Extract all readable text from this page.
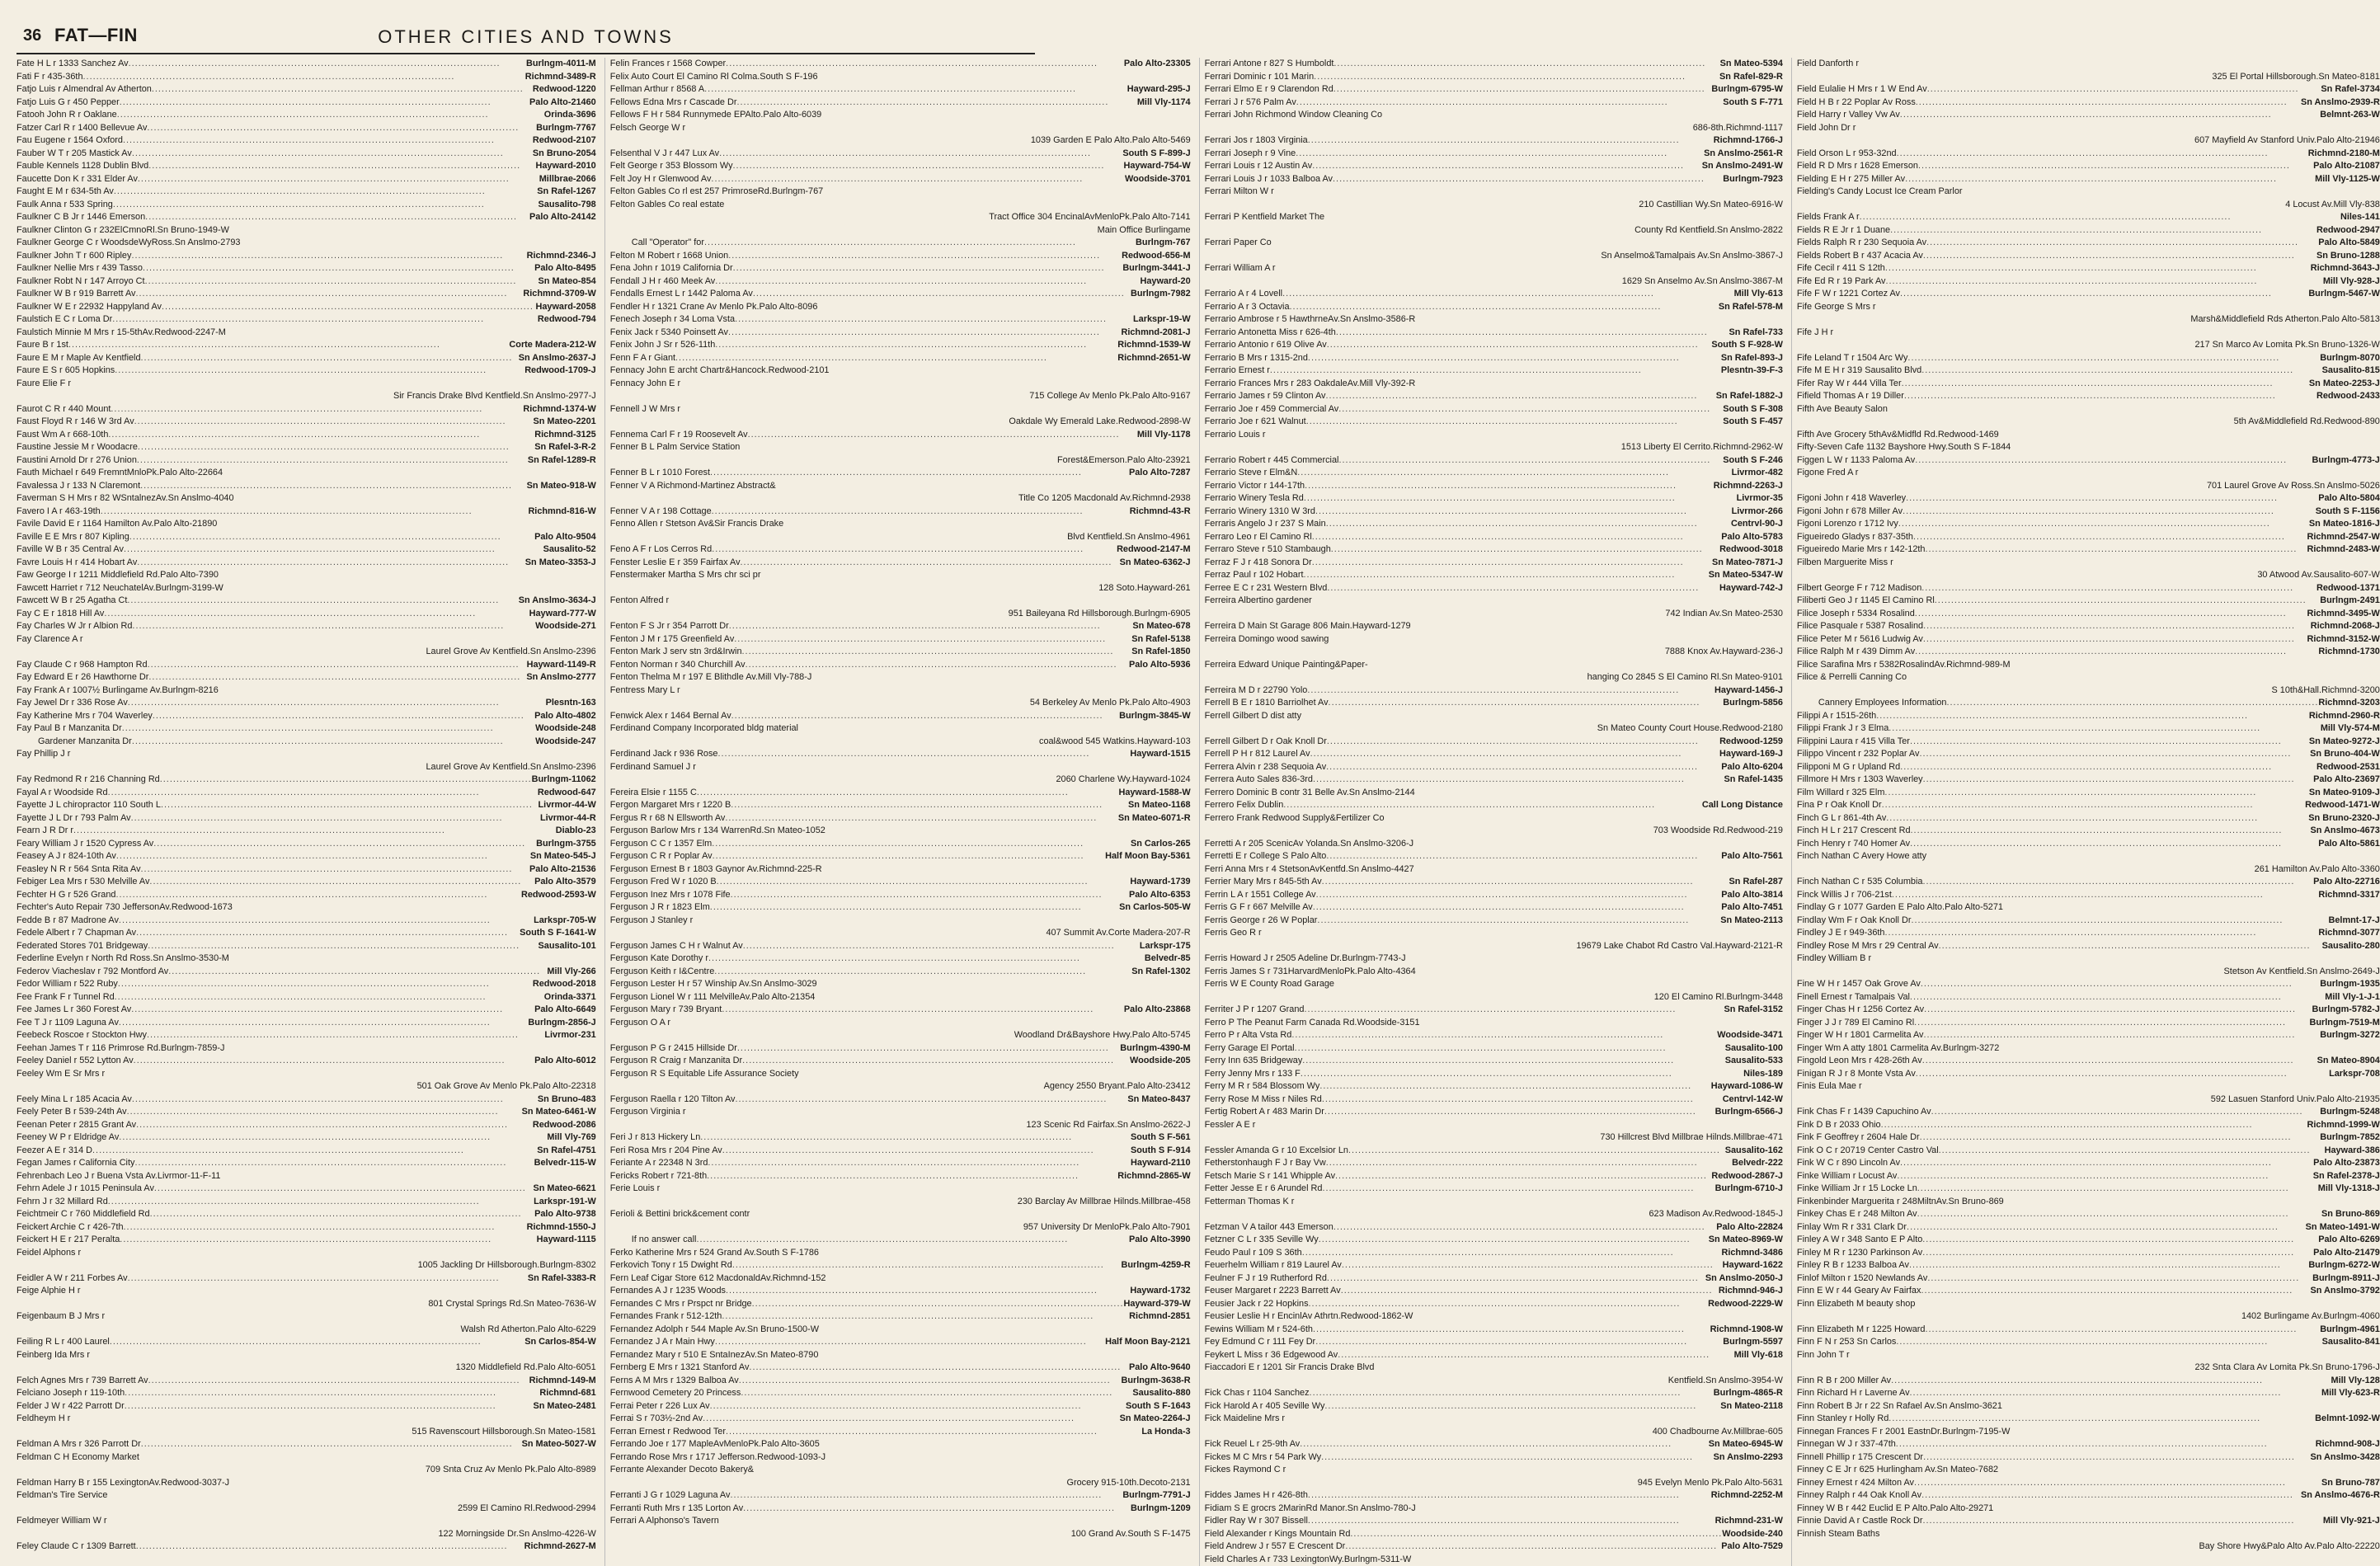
36 FAT—FIN	OTHER CITIES AND TOWNS
Fate H L r 1333 Sanchez Av .....	Burlngm-4011-M
Fati F r 435-36th .....	Richmnd-3489-R
Fatjo Luis r Almendral Av Atherton .....	Redwood-1220
Fatjo Luis G r 450 Pepper .....	Palo Alto-21460
Fatooh John R r Oaklane .....	Orinda-3696
Fatzer Carl R r 1400 Bellevue Av .....	Burlngm-7767
Fau Eugene r 1564 Oxford .....	Redwood-2107
Fauber W T r 205 Mastick Av .....	Sn Bruno-2054
Fauble Kennels 1128 Dublin Blvd .....	Hayward-2010
Faucette Don K r 331 Elder Av .....	Millbrae-2066
Faught E M r 634-5th Av .....	Sn Rafel-1267
Faulk Anna r 533 Spring .....	Sausalito-798
Faulkner C B Jr r 1446 Emerson .....	Palo Alto-24142
Faulkner Clinton G r 232ElCmnoRl.Sn Bruno-1949-W
Faulkner George C r WoodsdeWyRoss.Sn Anslmo-2793
Faulkner John T r 600 Ripley .....	Richmnd-2346-J
Faulkner Nellie Mrs r 439 Tasso .....	Palo Alto-8495
Faulkner Robt N r 147 Arroyo Ct .....	Sn Mateo-854
Faulkner W B r 919 Barrett Av .....	Richmnd-3709-W
Faulkner W E r 22932 Happyland Av .....	Hayward-2058
Faulstich E C r Loma Dr .....	Redwood-794
Faulstich Minnie M Mrs r 15-5thAv.Redwood-2247-M
Faure B r 1st .....	Corte Madera-212-W
Faure E M r Maple Av Kentfield .....	Sn Anslmo-2637-J
Faure E S r 605 Hopkins .....	Redwood-1709-J
Faure Elie F r
Sir Francis Drake Blvd Kentfield.Sn Anslmo-2977-J
Faurot C R r 440 Mount .....	Richmnd-1374-W
Faust Floyd R r 146 W 3rd Av .....	Sn Mateo-2201
Faust Wm A r 668-10th .....	Richmnd-3125
Faustine Jessie M r Woodacre .....	Sn Rafel-3-R-2
Faustini Arnold Dr r 276 Union .....	Sn Rafel-1289-R
Fauth Michael r 649 FremntMnloPk.Palo Alto-22664
Favalessa J r 133 N Claremont .....	Sn Mateo-918-W
Faverman S H Mrs r 82 WSntalnezAv.Sn Anslmo-4040
Favero I A r 463-19th .....	Richmnd-816-W
Favile David E r 1164 Hamilton Av.Palo Alto-21890
Faville E E Mrs r 807 Kipling .....	Palo Alto-9504
Faville W B r 35 Central Av .....	Sausalito-52
Favre Louis H r 414 Hobart Av .....	Sn Mateo-3353-J
Faw George I r 1211 Middlefield Rd.Palo Alto-7390
Fawcett Harriet r 712 NeuchatelAv.Burlngm-3199-W
Fawcett W B r 25 Agatha Ct .....	Sn Anslmo-3634-J
Fay C E r 1818 Hill Av .....	Hayward-777-W
Fay Charles W Jr r Albion Rd .....	Woodside-271
Fay Clarence A r
Laurel Grove Av Kentfield.Sn Anslmo-2396
Fay Claude C r 968 Hampton Rd .....	Hayward-1149-R
Fay Edward E r 26 Hawthorne Dr .....	Sn Anslmo-2777
Fay Frank A r 1007½ Burlingame Av.Burlngm-8216
Fay Jewel Dr r 336 Rose Av .....	Plesntn-163
Fay Katherine Mrs r 704 Waverley .....	Palo Alto-4802
Fay Paul B r Manzanita Dr .....	Woodside-248
Gardener Manzanita Dr .....	Woodside-247
Fay Phillip J r
Laurel Grove Av Kentfield.Sn Anslmo-2396
Fay Redmond R r 216 Channing Rd .....	Burlngm-11062
Fayal A r Woodside Rd .....	Redwood-647
Fayette J L chiropractor 110 South L .....	Livrmor-44-W
Fayette J L Dr r 793 Palm Av .....	Livrmor-44-R
Fearn J R Dr r .....	Diablo-23
Feary William J r 1520 Cypress Av .....	Burlngm-3755
Feasey A J r 824-10th Av .....	Sn Mateo-545-J
Feasley N R r 564 Snta Rita Av .....	Palo Alto-21536
Febiger Lea Mrs r 530 Melville Av .....	Palo Alto-3579
Fechter H G r 526 Grand .....	Redwood-2593-W
Fechter's Auto Repair 730 JeffersonAv.Redwood-1673
Fedde B r 87 Madrone Av .....	Larkspr-705-W
Fedele Albert r 7 Chapman Av .....	South S F-1641-W
Federated Stores 701 Bridgeway .....	Sausalito-101
Federline Evelyn r North Rd Ross.Sn Anslmo-3530-M
Federov Viacheslav r 792 Montford Av .....	Mill Vly-266
Fedor William r 522 Ruby .....	Redwood-2018
Fee Frank F r Tunnel Rd .....	Orinda-3371
Fee James L r 360 Forest Av .....	Palo Alto-6649
Fee T J r 1109 Laguna Av .....	Burlngm-2856-J
Feebeck Roscoe r Stockton Hwy .....	Livrmor-231
Feehan James T r 116 Primrose Rd.Burlngm-7859-J
Feeley Daniel r 552 Lytton Av .....	Palo Alto-6012
Feeley Wm E Sr Mrs r
501 Oak Grove Av Menlo Pk.Palo Alto-22318
Feely Mina L r 185 Acacia Av .....	Sn Bruno-483
Feely Peter B r 539-24th Av .....	Sn Mateo-6461-W
Feenan Peter r 2815 Grant Av .....	Redwood-2086
Feeney W P r Eldridge Av .....	Mill Vly-769
Feezer A E r 314 D .....	Sn Rafel-4751
Fegan James r California City .....	Belvedr-115-W
Fehrenbach Leo J r Buena Vsta Av.Livrmor-11-F-11
Fehrn Adele J r 1015 Peninsula Av .....	Sn Mateo-6621
Fehrn J r 32 Millard Rd .....	Larkspr-191-W
Feichtmeir C r 760 Middlefield Rd .....	Palo Alto-9738
Feickert Archie C r 426-7th .....	Richmnd-1550-J
Feickert H E r 217 Peralta .....	Hayward-1115
Feidel Alphons r
1005 Jackling Dr Hillsborough.Burlngm-8302
Feidler A W r 211 Forbes Av .....	Sn Rafel-3383-R
Feige Alphie H r
801 Crystal Springs Rd.Sn Mateo-7636-W
Feigenbaum B J Mrs r
Walsh Rd Atherton.Palo Alto-6229
Feiling R L r 400 Laurel .....	Sn Carlos-854-W
Feinberg Ida Mrs r
1320 Middlefield Rd.Palo Alto-6051
Felch Agnes Mrs r 739 Barrett Av .....	Richmnd-149-M
Felciano Joseph r 119-10th .....	Richmnd-681
Felder J W r 422 Parrott Dr .....	Sn Mateo-2481
Feldheym H r
515 Ravenscourt Hillsborough.Sn Mateo-1581
Feldman A Mrs r 326 Parrott Dr .....	Sn Mateo-5027-W
Feldman C H Economy Market
709 Snta Cruz Av Menlo Pk.Palo Alto-8989
Feldman Harry B r 155 LexingtonAv.Redwood-3037-J
Feldman's Tire Service
2599 El Camino Rl.Redwood-2994
Feldmeyer William W r
122 Morningside Dr.Sn Anslmo-4226-W
Feley Claude C r 1309 Barrett .....	Richmnd-2627-M
Felin Frances r 1568 Cowper .....	Palo Alto-23305
Felix Auto Court El Camino Rl Colma.South S F-196
Fellman Arthur r 8568 A .....	Hayward-295-J
Fellows Edna Mrs r Cascade Dr .....	Mill Vly-1174
Fellows F H r 584 Runnymede EPAlto.Palo Alto-6039
Felsch George W r
1039 Garden E Palo Alto.Palo Alto-5469
Felsenthal V J r 447 Lux Av .....	South S F-899-J
Felt George r 353 Blossom Wy .....	Hayward-754-W
Felt Joy H r Glenwood Av .....	Woodside-3701
Felton Gables Co rl est 257 PrimroseRd.Burlngm-767
Felton Gables Co real estate
Tract Office 304 EncinalAvMenloPk.Palo Alto-7141
Main Office Burlingame
Call "Operator" for .....	Burlngm-767
Felton M Robert r 1668 Union .....	Redwood-656-M
Fena John r 1019 California Dr .....	Burlngm-3441-J
Fendall J H r 460 Meek Av .....	Hayward-20
Fendalls Ernest L r 1442 Paloma Av .....	Burlngm-7982
Fendler H r 1321 Crane Av Menlo Pk.Palo Alto-8096
Fenech Joseph r 34 Loma Vsta .....	Larkspr-19-W
Fenix Jack r 5340 Poinsett Av .....	Richmnd-2081-J
Fenix John J Sr r 526-11th .....	Richmnd-1539-W
Fenn F A r Giant .....	Richmnd-2651-W
Fennacy John E archt Chartr&Hancock.Redwood-2101
Fennacy John E r
715 College Av Menlo Pk.Palo Alto-9167
Fennell J W Mrs r
Oakdale Wy Emerald Lake.Redwood-2898-W
Fennema Carl F r 19 Roosevelt Av .....	Mill Vly-1178
Fenner B L Palm Service Station
Forest&Emerson.Palo Alto-23921
Fenner B L r 1010 Forest .....	Palo Alto-7287
Fenner V A Richmond-Martinez Abstract&
Title Co 1205 Macdonald Av.Richmnd-2938
Fenner V A r 198 Cottage .....	Richmnd-43-R
Fenno Allen r Stetson Av&Sir Francis Drake
Blvd Kentfield.Sn Anslmo-4961
Feno A F r Los Cerros Rd .....	Redwood-2147-M
Fenster Leslie E r 359 Fairfax Av .....	Sn Mateo-6362-J
Fenstermaker Martha S Mrs chr sci pr
128 Soto.Hayward-261
Fenton Alfred r
951 Baileyana Rd Hillsborough.Burlngm-6905
Fenton F S Jr r 354 Parrott Dr .....	Sn Mateo-678
Fenton J M r 175 Greenfield Av .....	Sn Rafel-5138
Fenton Mark J serv stn 3rd&Irwin .....	Sn Rafel-1850
Fenton Norman r 340 Churchill Av .....	Palo Alto-5936
Fenton Thelma M r 197 E Blithdle Av.Mill Vly-788-J
Fentress Mary L r
54 Berkeley Av Menlo Pk.Palo Alto-4903
Fenwick Alex r 1464 Bernal Av .....	Burlngm-3845-W
Ferdinand Company Incorporated bldg material
coal&wood 545 Watkins.Hayward-103
Ferdinand Jack r 936 Rose .....	Hayward-1515
Ferdinand Samuel J r
2060 Charlene Wy.Hayward-1024
Fereira Elsie r 1155 C .....	Hayward-1588-W
Fergon Margaret Mrs r 1220 B .....	Sn Mateo-1168
Fergus R r 68 N Ellsworth Av .....	Sn Mateo-6071-R
Ferguson Barlow Mrs r 134 WarrenRd.Sn Mateo-1052
Ferguson C C r 1357 Elm .....	Sn Carlos-265
Ferguson C R r Poplar Av .....	Half Moon Bay-5361
Ferguson Ernest B r 1803 Gaynor Av.Richmnd-225-R
Ferguson Fred W r 1020 B .....	Hayward-1739
Ferguson Inez Mrs r 1078 Fife .....	Palo Alto-6353
Ferguson J R r 1823 Elm .....	Sn Carlos-505-W
Ferguson J Stanley r
407 Summit Av.Corte Madera-207-R
Ferguson James C H r Walnut Av .....	Larkspr-175
Ferguson Kate Dorothy r .....	Belvedr-85
Ferguson Keith r I&Centre .....	Sn Rafel-1302
Ferguson Lester H r 57 Winship Av.Sn Anslmo-3029
Ferguson Lionel W r 111 MelvilleAv.Palo Alto-21354
Ferguson Mary r 739 Bryant .....	Palo Alto-23868
Ferguson O A r
Woodland Dr&Bayshore Hwy.Palo Alto-5745
Ferguson P G r 2415 Hillside Dr .....	Burlngm-4390-M
Ferguson R Craig r Manzanita Dr .....	Woodside-205
Ferguson R S Equitable Life Assurance Society
Agency 2550 Bryant.Palo Alto-23412
Ferguson Raella r 120 Tilton Av .....	Sn Mateo-8437
Ferguson Virginia r
123 Scenic Rd Fairfax.Sn Anslmo-2622-J
Feri J r 813 Hickery Ln .....	South S F-561
Feri Rosa Mrs r 204 Pine Av .....	South S F-914
Feriante A r 22348 N 3rd .....	Hayward-2110
Fericks Robert r 721-8th .....	Richmnd-2865-W
Ferie Louis r
230 Barclay Av Millbrae Hilnds.Millbrae-458
Ferioli & Bettini brick&cement contr
957 University Dr MenloPk.Palo Alto-7901
If no answer call .....	Palo Alto-3990
Ferko Katherine Mrs r 524 Grand Av.South S F-1786
Ferkovich Tony r 15 Dwight Rd .....	Burlngm-4259-R
Fern Leaf Cigar Store 612 MacdonaldAv.Richmnd-152
Fernandes A J r 1235 Woods .....	Hayward-1732
Fernandes C Mrs r Prspct nr Bridge .....	Hayward-379-W
Fernandes Frank r 512-12th .....	Richmnd-2851
Fernandez Adolph r 544 Maple Av.Sn Bruno-1500-W
Fernandez J A r Main Hwy .....	Half Moon Bay-2121
Fernandez Mary r 510 E SntaInezAv.Sn Mateo-8790
Fernberg E Mrs r 1321 Stanford Av .....	Palo Alto-9640
Ferns A M Mrs r 1329 Balboa Av .....	Burlngm-3638-R
Fernwood Cemetery 20 Princess .....	Sausalito-880
Ferrai Peter r 226 Lux Av .....	South S F-1643
Ferrai S r 703½-2nd Av .....	Sn Mateo-2264-J
Ferran Ernest r Redwood Ter .....	La Honda-3
Ferrando Joe r 177 MapleAvMenloPk.Palo Alto-3605
Ferrando Rose Mrs r 1717 Jefferson.Redwood-1093-J
Ferrante Alexander Decoto Bakery&
Grocery 915-10th.Decoto-2131
Ferranti J G r 1029 Laguna Av .....	Burlngm-7791-J
Ferranti Ruth Mrs r 135 Lorton Av .....	Burlngm-1209
Ferrari A Alphonso's Tavern
100 Grand Av.South S F-1475
Ferrari Antone r 827 S Humboldt .....	Sn Mateo-5394
Ferrari Dominic r 101 Marin .....	Sn Rafel-829-R
Ferrari Elmo E r 9 Clarendon Rd .....	Burlngm-6795-W
Ferrari J r 576 Palm Av .....	South S F-771
Ferrari John Richmond Window Cleaning Co
686-8th.Richmnd-1117
Ferrari Jos r 1803 Virginia .....	Richmnd-1766-J
Ferrari Joseph r 9 Vine .....	Sn Anslmo-2561-R
Ferrari Louis r 12 Austin Av .....	Sn Anslmo-2491-W
Ferrari Louis J r 1033 Balboa Av .....	Burlngm-7923
Ferrari Milton W r
210 Castillian Wy.Sn Mateo-6916-W
Ferrari P Kentfield Market The
County Rd Kentfield.Sn Anslmo-2822
Ferrari Paper Co
Sn Anselmo&Tamalpais Av.Sn Anslmo-3867-J
Ferrari William A r
1629 Sn Anselmo Av.Sn Anslmo-3867-M
Ferrario A r 4 Lovell .....	Mill Vly-613
Ferrario A r 3 Octavia .....	Sn Rafel-578-M
Ferrario Ambrose r 5 HawthrneAv.Sn Anslmo-3586-R
Ferrario Antonetta Miss r 626-4th .....	Sn Rafel-733
Ferrario Antonio r 619 Olive Av .....	South S F-928-W
Ferrario B Mrs r 1315-2nd .....	Sn Rafel-893-J
Ferrario Ernest r .....	Plesntn-39-F-3
Ferrario Frances Mrs r 283 OakdaleAv.Mill Vly-392-R
Ferrario James r 59 Clinton Av .....	Sn Rafel-1882-J
Ferrario Joe r 459 Commercial Av .....	South S F-308
Ferrario Joe r 621 Walnut .....	South S F-457
Ferrario Louis r
1513 Liberty El Cerrito.Richmnd-2962-W
Ferrario Robert r 445 Commercial .....	South S F-246
Ferrario Steve r Elm&N .....	Livrmor-482
Ferrario Victor r 144-17th .....	Richmnd-2263-J
Ferrario Winery Tesla Rd .....	Livrmor-35
Ferrario Winery 1310 W 3rd .....	Livrmor-266
Ferraris Angelo J r 237 S Main .....	Centrvl-90-J
Ferraro Leo r El Camino Rl .....	Palo Alto-5783
Ferraro Steve r 510 Stambaugh .....	Redwood-3018
Ferraz F J r 418 Sonora Dr .....	Sn Mateo-7871-J
Ferraz Paul r 102 Hobart .....	Sn Mateo-5347-W
Ferree E C r 231 Western Blvd .....	Hayward-742-J
Ferreira Albertino gardener
742 Indian Av.Sn Mateo-2530
Ferreira D Main St Garage 806 Main.Hayward-1279
Ferreira Domingo wood sawing
7888 Knox Av.Hayward-236-J
Ferreira Edward Unique Painting&Paper-
hanging Co 2845 S El Camino Rl.Sn Mateo-9101
Ferreira M D r 22790 Yolo .....	Hayward-1456-J
Ferrell B E r 1810 Barriolhet Av .....	Burlngm-5856
Ferrell Gilbert D dist atty
Sn Mateo County Court House.Redwood-2180
Ferrell Gilbert D r Oak Knoll Dr .....	Redwood-1259
Ferrell P H r 812 Laurel Av .....	Hayward-169-J
Ferrera Alvin r 238 Sequoia Av .....	Palo Alto-6204
Ferrera Auto Sales 836-3rd .....	Sn Rafel-1435
Ferrero Dominic B contr 31 Belle Av.Sn Anslmo-2144
Ferrero Felix Dublin .....	Call Long Distance
Ferrero Frank Redwood Supply&Fertilizer Co
703 Woodside Rd.Redwood-219
Ferretti A r 205 ScenicAv Yolanda.Sn Anslmo-3206-J
Ferretti E r College S Palo Alto .....	Palo Alto-7561
Ferri Anna Mrs r 4 StetsonAvKentfd.Sn Anslmo-4427
Ferrier Mary Mrs r 845-5th Av .....	Sn Rafel-287
Ferrin L A r 1551 College Av .....	Palo Alto-3814
Ferris G F r 667 Melville Av .....	Palo Alto-7451
Ferris George r 26 W Poplar .....	Sn Mateo-2113
Ferris Geo R r
19679 Lake Chabot Rd Castro Val.Hayward-2121-R
Ferris Howard J r 2505 Adeline Dr.Burlngm-7743-J
Ferris James S r 731HarvardMenloPk.Palo Alto-4364
Ferris W E County Road Garage
120 El Camino Rl.Burlngm-3448
Ferriter J P r 1207 Grand .....	Sn Rafel-3152
Ferro P The Peanut Farm Canada Rd.Woodside-3151
Ferro P r Alta Vsta Rd .....	Woodside-3471
Ferry Garage El Portal .....	Sausalito-100
Ferry Inn 635 Bridgeway .....	Sausalito-533
Ferry Jenny Mrs r 133 F .....	Niles-189
Ferry M R r 584 Blossom Wy .....	Hayward-1086-W
Ferry Rose M Miss r Niles Rd .....	Centrvl-142-W
Fertig Robert A r 483 Marin Dr .....	Burlngm-6566-J
Fessler A E r
730 Hillcrest Blvd Millbrae Hilnds.Millbrae-471
Fessler Amanda G r 10 Excelsior Ln .....	Sausalito-162
Fetherstonhaugh F J r Bay Vw .....	Belvedr-222
Fetsch Marie S r 141 Whipple Av .....	Redwood-2867-J
Fetter Jesse E r 6 Arundel Rd .....	Burlngm-6710-J
Fetterman Thomas K r
623 Madison Av.Redwood-1845-J
Fetzman V A tailor 443 Emerson .....	Palo Alto-22824
Fetzner C L r 335 Seville Wy .....	Sn Mateo-8969-W
Feudo Paul r 109 S 36th .....	Richmnd-3486
Feuerhelm William r 819 Laurel Av .....	Hayward-1622
Feulner F J r 19 Rutherford Rd .....	Sn Anslmo-2050-J
Feuser Margaret r 2223 Barrett Av .....	Richmnd-946-J
Feusier Jack r 22 Hopkins .....	Redwood-2229-W
Feusier Leslie H r EncinlAv Athrtn.Redwood-1862-W
Fewins William M r 524-6th .....	Richmnd-1908-W
Fey Edmund C r 111 Fey Dr .....	Burlngm-5597
Feykert L Miss r 36 Edgewood Av .....	Mill Vly-618
Fiaccadori E r 1201 Sir Francis Drake Blvd
Kentfield.Sn Anslmo-3954-W
Fick Chas r 1104 Sanchez .....	Burlngm-4865-R
Fick Harold A r 405 Seville Wy .....	Sn Mateo-2118
Fick Maideline Mrs r
400 Chadbourne Av.Millbrae-605
Fick Reuel L r 25-9th Av .....	Sn Mateo-6945-W
Fickes M C Mrs r 54 Park Wy .....	Sn Anslmo-2293
Fickes Raymond C r
945 Evelyn Menlo Pk.Palo Alto-5631
Fiddes James H r 426-8th .....	Richmnd-2252-M
Fidiam S E grocrs 2MarinRd Manor.Sn Anslmo-780-J
Fidler Ray W r 307 Bissell .....	Richmnd-231-W
Field Alexander r Kings Mountain Rd .....	Woodside-240
Field Andrew J r 557 E Crescent Dr .....	Palo Alto-7529
Field Charles A r 733 LexingtonWy.Burlngm-5311-W
Field Danforth r
325 El Portal Hillsborough.Sn Mateo-8181
Field Eulalie H Mrs r 1 W End Av .....	Sn Rafel-3734
Field H B r 22 Poplar Av Ross .....	Sn Anslmo-2939-R
Field Harry r Valley Vw Av .....	Belmnt-263-W
Field John Dr r
607 Mayfield Av Stanford Univ.Palo Alto-21946
Field Orson L r 953-32nd .....	Richmnd-2180-M
Field R D Mrs r 1628 Emerson .....	Palo Alto-21087
Fielding E H r 275 Miller Av .....	Mill Vly-1125-W
Fielding's Candy Locust Ice Cream Parlor
4 Locust Av.Mill Vly-838
Fields Frank A r .....	Niles-141
Fields R E Jr r 1 Duane .....	Redwood-2947
Fields Ralph R r 230 Sequoia Av .....	Palo Alto-5849
Fields Robert B r 437 Acacia Av .....	Sn Bruno-1288
Fife Cecil r 411 S 12th .....	Richmnd-3643-J
Fife Ed R r 19 Park Av .....	Mill Vly-928-J
Fife F W r 1221 Cortez Av .....	Burlngm-5467-W
Fife George S Mrs r
Marsh&Middlefield Rds Atherton.Palo Alto-5813
Fife J H r
217 Sn Marco Av Lomita Pk.Sn Bruno-1326-W
Fife Leland T r 1504 Arc Wy .....	Burlngm-8070
Fife M E H r 319 Sausalito Blvd .....	Sausalito-815
Fifer Ray W r 444 Villa Ter .....	Sn Mateo-2253-J
Fifield Thomas A r 19 Diller .....	Redwood-2433
Fifth Ave Beauty Salon
5th Av&Middlefield Rd.Redwood-890
Fifth Ave Grocery 5thAv&Midfld Rd.Redwood-1469
Fifty-Seven Cafe 1132 Bayshore Hwy.South S F-1844
Figgen L W r 1133 Paloma Av .....	Burlngm-4773-J
Figone Fred A r
701 Laurel Grove Av Ross.Sn Anslmo-5026
Figoni John r 418 Waverley .....	Palo Alto-5804
Figoni John r 678 Miller Av .....	South S F-1156
Figoni Lorenzo r 1712 Ivy .....	Sn Mateo-1816-J
Figueiredo Gladys r 837-35th .....	Richmnd-2547-W
Figueiredo Marie Mrs r 142-12th .....	Richmnd-2483-W
Filben Marguerite Miss r
30 Atwood Av.Sausalito-607-W
Filbert George F r 712 Madison .....	Redwood-1371
Filiberti Geo J r 1145 El Camino Rl .....	Burlngm-2491
Filice Joseph r 5334 Rosalind .....	Richmnd-3495-W
Filice Pasquale r 5387 Rosalind .....	Richmnd-2068-J
Filice Peter M r 5616 Ludwig Av .....	Richmnd-3152-W
Filice Ralph M r 439 Dimm Av .....	Richmnd-1730
Filice Sarafina Mrs r 5382RosalindAv.Richmnd-989-M
Filice & Perrelli Canning Co
S 10th&Hall.Richmnd-3200
Cannery Employees Information .....	Richmnd-3203
Filippi A r 1515-26th .....	Richmnd-2960-R
Filippi Frank J r 3 Elma .....	Mill Vly-574-M
Filippini Laura r 415 Villa Ter .....	Sn Mateo-9272-J
Filippo Vincent r 232 Poplar Av .....	Sn Bruno-404-W
Filipponi M G r Upland Rd .....	Redwood-2531
Fillmore H Mrs r 1303 Waverley .....	Palo Alto-23697
Film Willard r 325 Elm .....	Sn Mateo-9109-J
Fina P r Oak Knoll Dr .....	Redwood-1471-W
Finch G L r 861-4th Av .....	Sn Bruno-2320-J
Finch H L r 217 Crescent Rd .....	Sn Anslmo-4673
Finch Henry r 740 Homer Av .....	Palo Alto-5861
Finch Nathan C Avery Howe atty
261 Hamilton Av.Palo Alto-3360
Finch Nathan C r 535 Columbia .....	Palo Alto-22716
Finck Willis J r 706-21st .....	Richmnd-3317
Findlay G r 1077 Garden E Palo Alto.Palo Alto-5271
Findlay Wm F r Oak Knoll Dr .....	Belmnt-17-J
Findley J E r 949-36th .....	Richmnd-3077
Findley Rose M Mrs r 29 Central Av .....	Sausalito-280
Findley William B r
Stetson Av Kentfield.Sn Anslmo-2649-J
Fine W H r 1457 Oak Grove Av .....	Burlngm-1935
Finell Ernest r Tamalpais Val .....	Mill Vly-1-J-1
Finger Chas H r 1256 Cortez Av .....	Burlngm-5782-J
Finger J J r 789 El Camino Rl .....	Burlngm-7519-M
Finger W H r 1801 Carmelita Av .....	Burlngm-3272
Finger Wm A atty 1801 Carmelita Av.Burlngm-3272
Fingold Leon Mrs r 428-26th Av .....	Sn Mateo-8904
Finigan R J r 8 Monte Vsta Av .....	Larkspr-708
Finis Eula Mae r
592 Lasuen Stanford Univ.Palo Alto-21935
Fink Chas F r 1439 Capuchino Av .....	Burlngm-5248
Fink D B r 2033 Ohio .....	Richmnd-1999-W
Fink F Geoffrey r 2604 Hale Dr .....	Burlngm-7852
Fink O C r 20719 Center Castro Val .....	Hayward-386
Fink W C r 890 Lincoln Av .....	Palo Alto-23873
Finke William r Locust Av .....	Sn Rafel-2378-J
Finke William Jr r 15 Locke Ln .....	Mill Vly-1318-J
Finkenbinder Marguerita r 248MiltnAv.Sn Bruno-869
Finkey Chas E r 248 Milton Av .....	Sn Bruno-869
Finlay Wm R r 331 Clark Dr .....	Sn Mateo-1491-W
Finley A W r 348 Santo E P Alto .....	Palo Alto-6269
Finley M R r 1230 Parkinson Av .....	Palo Alto-21479
Finley R B r 1233 Balboa Av .....	Burlngm-6272-W
Finlof Milton r 1520 Newlands Av .....	Burlngm-8911-J
Finn E W r 44 Geary Av Fairfax .....	Sn Anslmo-3792
Finn Elizabeth M beauty shop
1402 Burlingame Av.Burlngm-4060
Finn Elizabeth M r 1225 Howard .....	Burlngm-4961
Finn F N r 253 Sn Carlos .....	Sausalito-841
Finn John T r
232 Snta Clara Av Lomita Pk.Sn Bruno-1796-J
Finn R B r 200 Miller Av .....	Mill Vly-128
Finn Richard H r Laverne Av .....	Mill Vly-623-R
Finn Robert B Jr r 22 Sn Rafael Av.Sn Anslmo-3621
Finn Stanley r Holly Rd .....	Belmnt-1092-W
Finnegan Frances F r 2001 EastnDr.Burlngm-7195-W
Finnegan W J r 337-47th .....	Richmnd-908-J
Finnell Phillip r 175 Crescent Dr .....	Sn Anslmo-3428
Finney C E Jr r 625 Hurlingham Av.Sn Mateo-7682
Finney Ernest r 424 Milton Av .....	Sn Bruno-787
Finney Ralph r 44 Oak Knoll Av .....	Sn Anslmo-4676-R
Finney W B r 442 Euclid E P Alto.Palo Alto-29271
Finnie David A r Castle Rock Dr .....	Mill Vly-921-J
Finnish Steam Baths
Bay Shore Hwy&Palo Alto Av.Palo Alto-22220
